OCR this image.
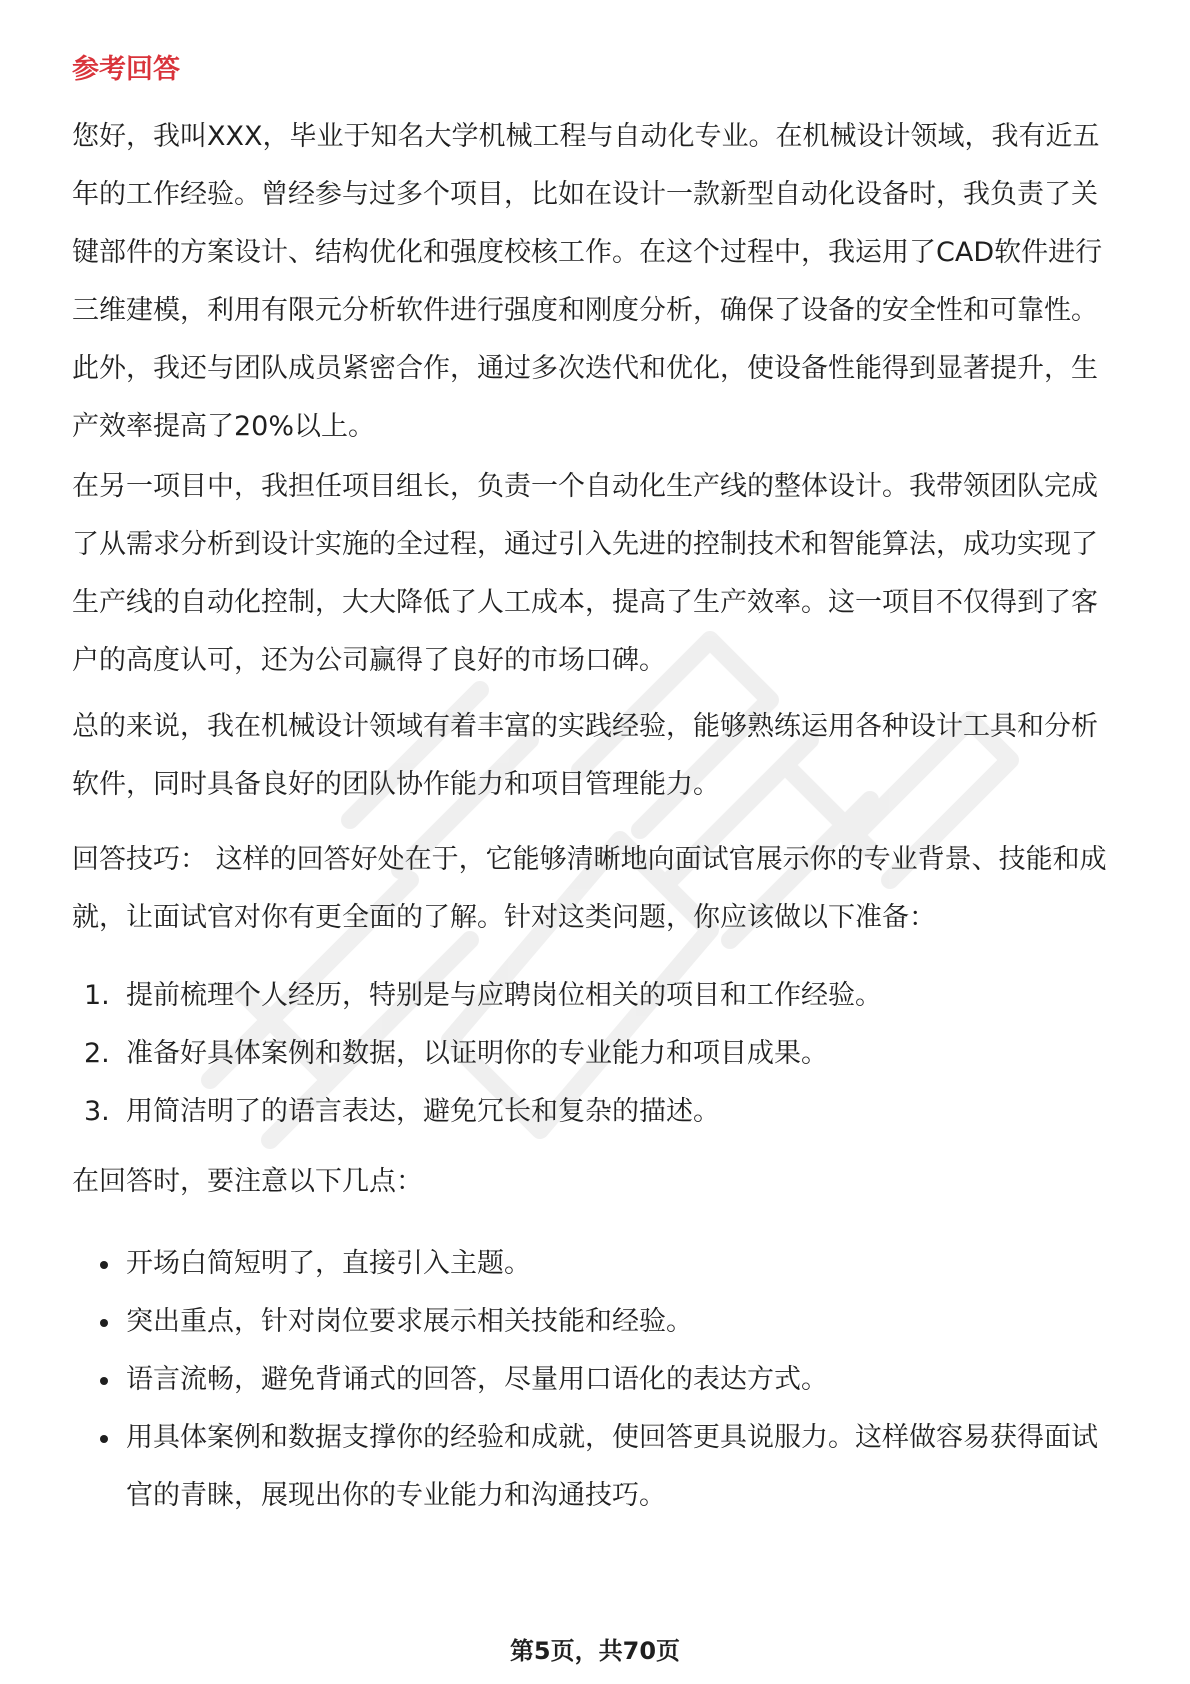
参考回答

您好，我叫XXX，毕业于知名大学机械工程与自动化专业。在机械设计领域，我有近五年的工作经验。曾经参与过多个项目，比如在设计一款新型自动化设备时，我负责了关键部件的方案设计、结构优化和强度校核工作。在这个过程中，我运用了CAD软件进行三维建模，利用有限元分析软件进行强度和刚度分析，确保了设备的安全性和可靠性。此外，我还与团队成员紧密合作，通过多次迭代和优化，使设备性能得到显著提升，生产效率提高了20%以上。

在另一项目中，我担任项目组长，负责一个自动化生产线的整体设计。我带领团队完成了从需求分析到设计实施的全过程，通过引入先进的控制技术和智能算法，成功实现了生产线的自动化控制，大大降低了人工成本，提高了生产效率。这一项目不仅得到了客户的高度认可，还为公司赢得了良好的市场口碑。

总的来说，我在机械设计领域有着丰富的实践经验，能够熟练运用各种设计工具和分析软件，同时具备良好的团队协作能力和项目管理能力。

回答技巧： 这样的回答好处在于，它能够清晰地向面试官展示你的专业背景、技能和成就，让面试官对你有更全面的了解。针对这类问题，你应该做以下准备：

1. 提前梳理个人经历，特别是与应聘岗位相关的项目和工作经验。
2. 准备好具体案例和数据，以证明你的专业能力和项目成果。
3. 用简洁明了的语言表达，避免冗长和复杂的描述。

在回答时，要注意以下几点：

开场白简短明了，直接引入主题。
突出重点，针对岗位要求展示相关技能和经验。
语言流畅，避免背诵式的回答，尽量用口语化的表达方式。
用具体案例和数据支撑你的经验和成就，使回答更具说服力。这样做容易获得面试官的青睐，展现出你的专业能力和沟通技巧。
第5页，共70页
